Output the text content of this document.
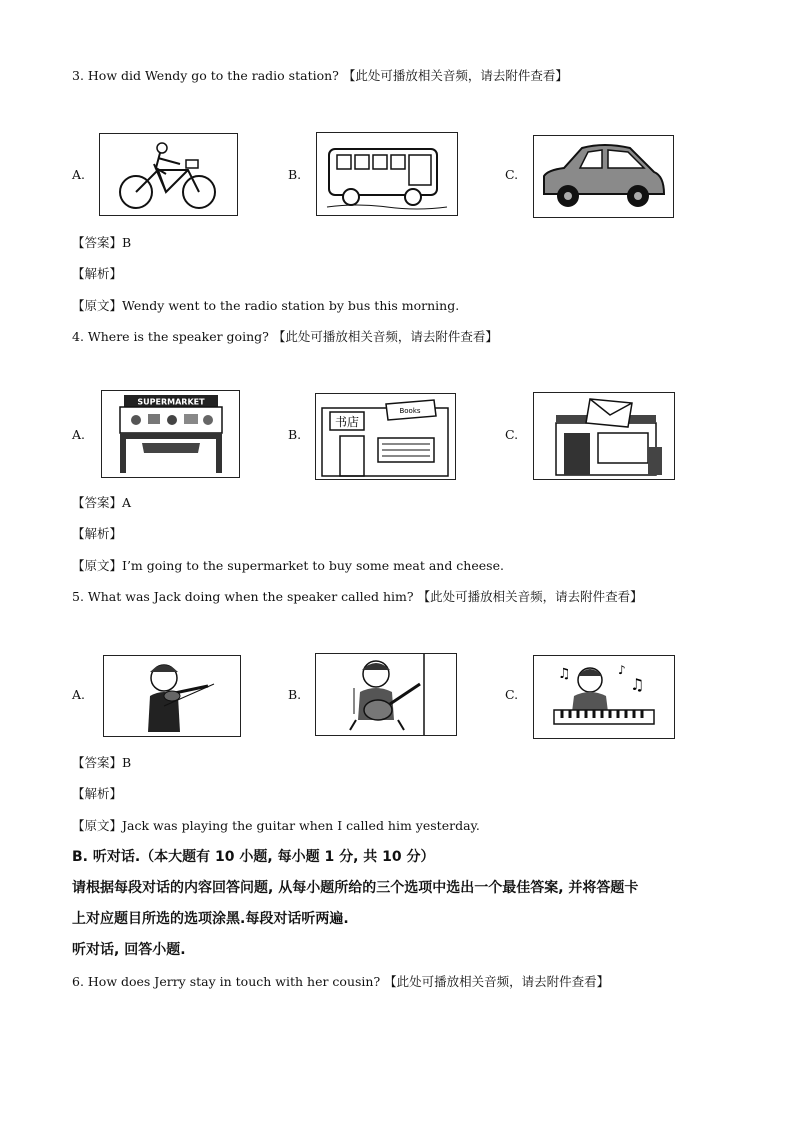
3. How did Wendy go to the radio station? 【此处可播放相关音频，请去附件查看】
A.	B.	C.
【答案】B
【解析】
【原文】Wendy went to the radio station by bus this morning.
4. Where is the speaker going? 【此处可播放相关音频，请去附件查看】
A.
SUPERMARKET
B.
书店
Books
C.
【答案】A
【解析】
【原文】I’m going to the supermarket to buy some meat and cheese.
5. What was Jack doing when the speaker called him? 【此处可播放相关音频，请去附件查看】
A.	B.	C.
♫	♪
♫
【答案】B
【解析】
【原文】Jack was playing the guitar when I called him yesterday.
B. 听对话.（本大题有 10 小题, 每小题 1 分, 共 10 分）
请根据每段对话的内容回答问题, 从每小题所给的三个选项中选出一个最佳答案, 并将答题卡
上对应题目所选的选项涂黑.每段对话听两遍.
听对话, 回答小题.
6. How does Jerry stay in touch with her cousin? 【此处可播放相关音频，请去附件查看】
